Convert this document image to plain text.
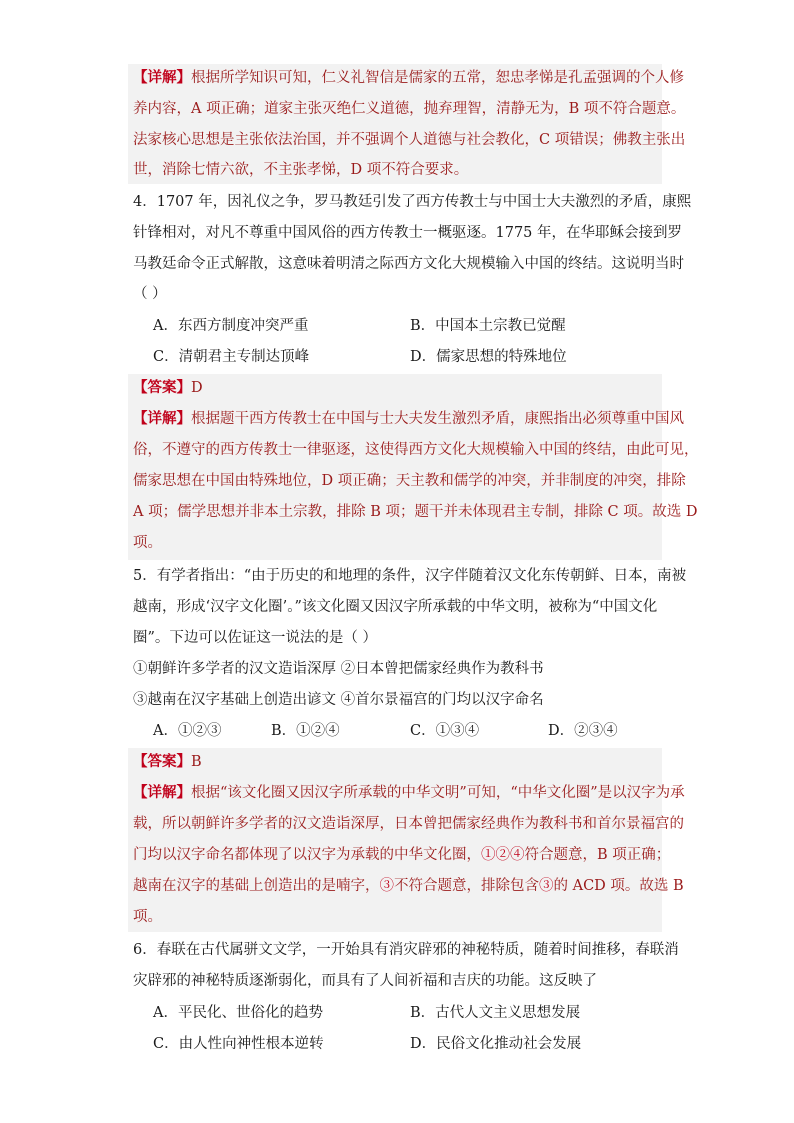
【详解】根据所学知识可知，仁义礼智信是儒家的五常，恕忠孝悌是孔孟强调的个人修
养内容，A 项正确；道家主张灭绝仁义道德，抛弃理智，清静无为，B 项不符合题意。
法家核心思想是主张依法治国，并不强调个人道德与社会教化，C 项错误；佛教主张出
世，消除七情六欲，不主张孝悌，D 项不符合要求。
4．1707 年，因礼仪之争，罗马教廷引发了西方传教士与中国士大夫激烈的矛盾，康熙
针锋相对，对凡不尊重中国风俗的西方传教士一概驱逐。1775 年，在华耶稣会接到罗
马教廷命令正式解散，这意味着明清之际西方文化大规模输入中国的终结。这说明当时
（ ）
A．东西方制度冲突严重	B．中国本土宗教已觉醒
C．清朝君主专制达顶峰	D．儒家思想的特殊地位
【答案】D
【详解】根据题干西方传教士在中国与士大夫发生激烈矛盾，康熙指出必须尊重中国风
俗，不遵守的西方传教士一律驱逐，这使得西方文化大规模输入中国的终结，由此可见，
儒家思想在中国由特殊地位，D 项正确；天主教和儒学的冲突，并非制度的冲突，排除
A 项；儒学思想并非本土宗教，排除 B 项；题干并未体现君主专制，排除 C 项。故选 D
项。
5．有学者指出：“由于历史的和地理的条件，汉字伴随着汉文化东传朝鲜、日本，南被
越南，形成‘汉字文化圈’。”该文化圈又因汉字所承载的中华文明，被称为“中国文化
圈”。下边可以佐证这一说法的是（ ）
①朝鲜许多学者的汉文造诣深厚 ②日本曾把儒家经典作为教科书
③越南在汉字基础上创造出谚文 ④首尔景福宫的门均以汉字命名
A．①②③	B．①②④	C．①③④	D．②③④
【答案】B
【详解】根据“该文化圈又因汉字所承载的中华文明”可知，“中华文化圈”是以汉字为承
载，所以朝鲜许多学者的汉文造诣深厚，日本曾把儒家经典作为教科书和首尔景福宫的
门均以汉字命名都体现了以汉字为承载的中华文化圈，①②④符合题意，B 项正确；
越南在汉字的基础上创造出的是喃字，③不符合题意，排除包含③的 ACD 项。故选 B
项。
6．春联在古代属骈文文学，一开始具有消灾辟邪的神秘特质，随着时间推移，春联消
灾辟邪的神秘特质逐渐弱化，而具有了人间祈福和吉庆的功能。这反映了
A．平民化、世俗化的趋势	B．古代人文主义思想发展
C．由人性向神性根本逆转	D．民俗文化推动社会发展
